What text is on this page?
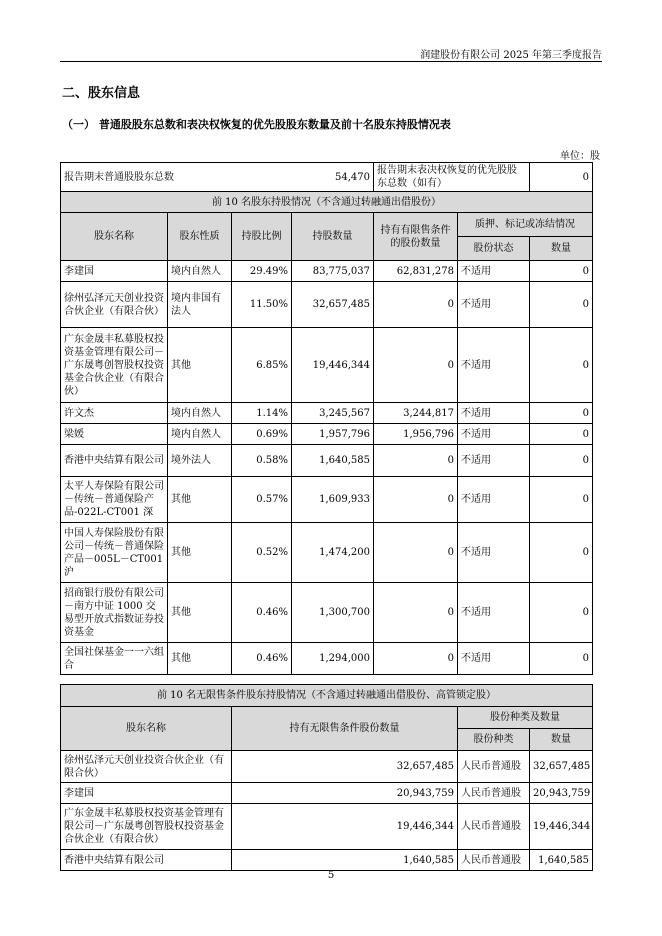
润建股份有限公司 2025 年第三季度报告
二、股东信息
（一） 普通股股东总数和表决权恢复的优先股股东数量及前十名股东持股情况表
单位：股
报告期末普通股股东总数 54,470				报告期末表决权恢复的优先股股东总数（如有）		0
前 10 名股东持股情况（不含通过转融通出借股份）						
股东名称	股东性质	持股比例	持股数量	持有有限售条件的股份数量	质押、标记或冻结情况	
					股份状态	数量
李建国	境内自然人	29.49%	83,775,037	62,831,278	不适用	0
徐州弘泽元天创业投资合伙企业（有限合伙）	境内非国有法人	11.50%	32,657,485	0	不适用	0
广东金晟丰私募股权投资基金管理有限公司－广东晟粤创智股权投资基金合伙企业（有限合伙）	其他	6.85%	19,446,344	0	不适用	0
许文杰	境内自然人	1.14%	3,245,567	3,244,817	不适用	0
梁媛	境内自然人	0.69%	1,957,796	1,956,796	不适用	0
香港中央结算有限公司	境外法人	0.58%	1,640,585	0	不适用	0
太平人寿保险有限公司－传统－普通保险产品-022L-CT001 深	其他	0.57%	1,609,933	0	不适用	0
中国人寿保险股份有限公司－传统－普通保险产品－005L－CT001 沪	其他	0.52%	1,474,200	0	不适用	0
招商银行股份有限公司－南方中证 1000 交易型开放式指数证券投资基金	其他	0.46%	1,300,700	0	不适用	0
全国社保基金一一六组合	其他	0.46%	1,294,000	0	不适用	0
前 10 名无限售条件股东持股情况（不含通过转融通出借股份、高管锁定股）			
股东名称	持有无限售条件股份数量	股份种类及数量	
		股份种类	数量
徐州弘泽元天创业投资合伙企业（有限合伙）	32,657,485	人民币普通股	32,657,485
李建国	20,943,759	人民币普通股	20,943,759
广东金晟丰私募股权投资基金管理有限公司－广东晟粤创智股权投资基金合伙企业（有限合伙）	19,446,344	人民币普通股	19,446,344
香港中央结算有限公司	1,640,585	人民币普通股	1,640,585
5
